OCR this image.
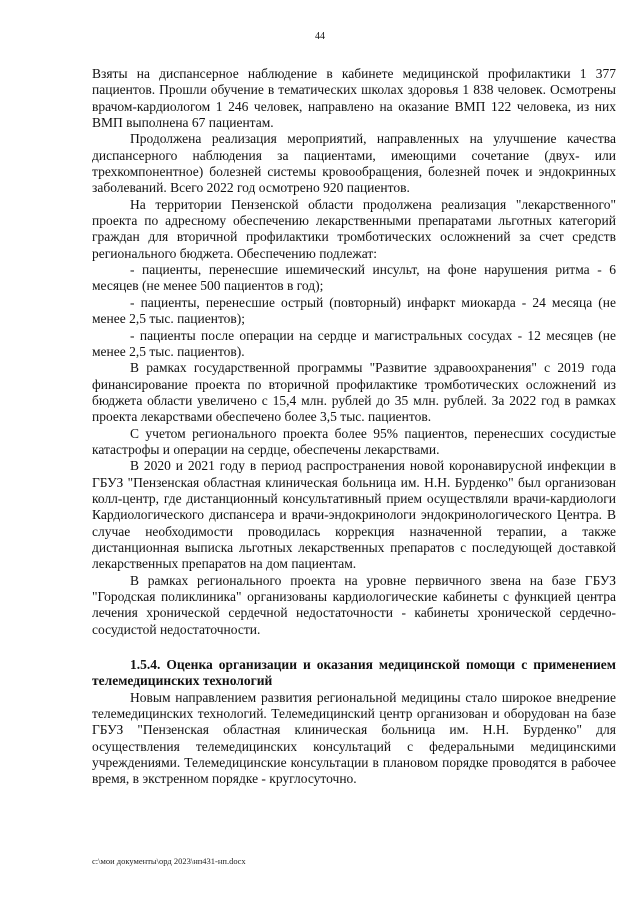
44

Взяты на диспансерное наблюдение в кабинете медицинской профилактики 1 377 пациентов. Прошли обучение в тематических школах здоровья 1 838 человек. Осмотрены врачом-кардиологом 1 246 человек, направлено на оказание ВМП 122 человека, из них ВМП выполнена 67 пациентам.

Продолжена реализация мероприятий, направленных на улучшение качества диспансерного наблюдения за пациентами, имеющими сочетание (двух- или трехкомпонентное) болезней системы кровообращения, болезней почек и эндокринных заболеваний. Всего 2022 год осмотрено 920 пациентов.

На территории Пензенской области продолжена реализация "лекарственного" проекта по адресному обеспечению лекарственными препаратами льготных категорий граждан для вторичной профилактики тромботических осложнений за счет средств регионального бюджета. Обеспечению подлежат:

- пациенты, перенесшие ишемический инсульт, на фоне нарушения ритма - 6 месяцев (не менее 500 пациентов в год);

- пациенты, перенесшие острый (повторный) инфаркт миокарда - 24 месяца (не менее 2,5 тыс. пациентов);

- пациенты после операции на сердце и магистральных сосудах - 12 месяцев (не менее 2,5 тыс. пациентов).

В рамках государственной программы "Развитие здравоохранения" с 2019 года финансирование проекта по вторичной профилактике тромботических осложнений из бюджета области увеличено с 15,4 млн. рублей до 35 млн. рублей. За 2022 год в рамках проекта лекарствами обеспечено более 3,5 тыс. пациентов.

С учетом регионального проекта более 95% пациентов, перенесших сосудистые катастрофы и операции на сердце, обеспечены лекарствами.

В 2020 и 2021 году в период распространения новой коронавирусной инфекции в ГБУЗ "Пензенская областная клиническая больница им. Н.Н. Бурденко" был организован колл-центр, где дистанционный консультативный прием осуществляли врачи-кардиологи Кардиологического диспансера и врачи-эндокринологи эндокринологического Центра. В случае необходимости проводилась коррекция назначенной терапии, а также дистанционная выписка льготных лекарственных препаратов с последующей доставкой лекарственных препаратов на дом пациентам.

В рамках регионального проекта на уровне первичного звена на базе ГБУЗ "Городская поликлиника" организованы кардиологические кабинеты с функцией центра лечения хронической сердечной недостаточности - кабинеты хронической сердечно-сосудистой недостаточности.

1.5.4. Оценка организации и оказания медицинской помощи с применением телемедицинских технологий

Новым направлением развития региональной медицины стало широкое внедрение телемедицинских технологий. Телемедицинский центр организован и оборудован на базе ГБУЗ "Пензенская областная клиническая больница им. Н.Н. Бурденко" для осуществления телемедицинских консультаций с федеральными медицинскими учреждениями. Телемедицинские консультации в плановом порядке проводятся в рабочее время, в экстренном порядке - круглосуточно.

c:\мои документы\орд 2023\нп431-нп.docx
